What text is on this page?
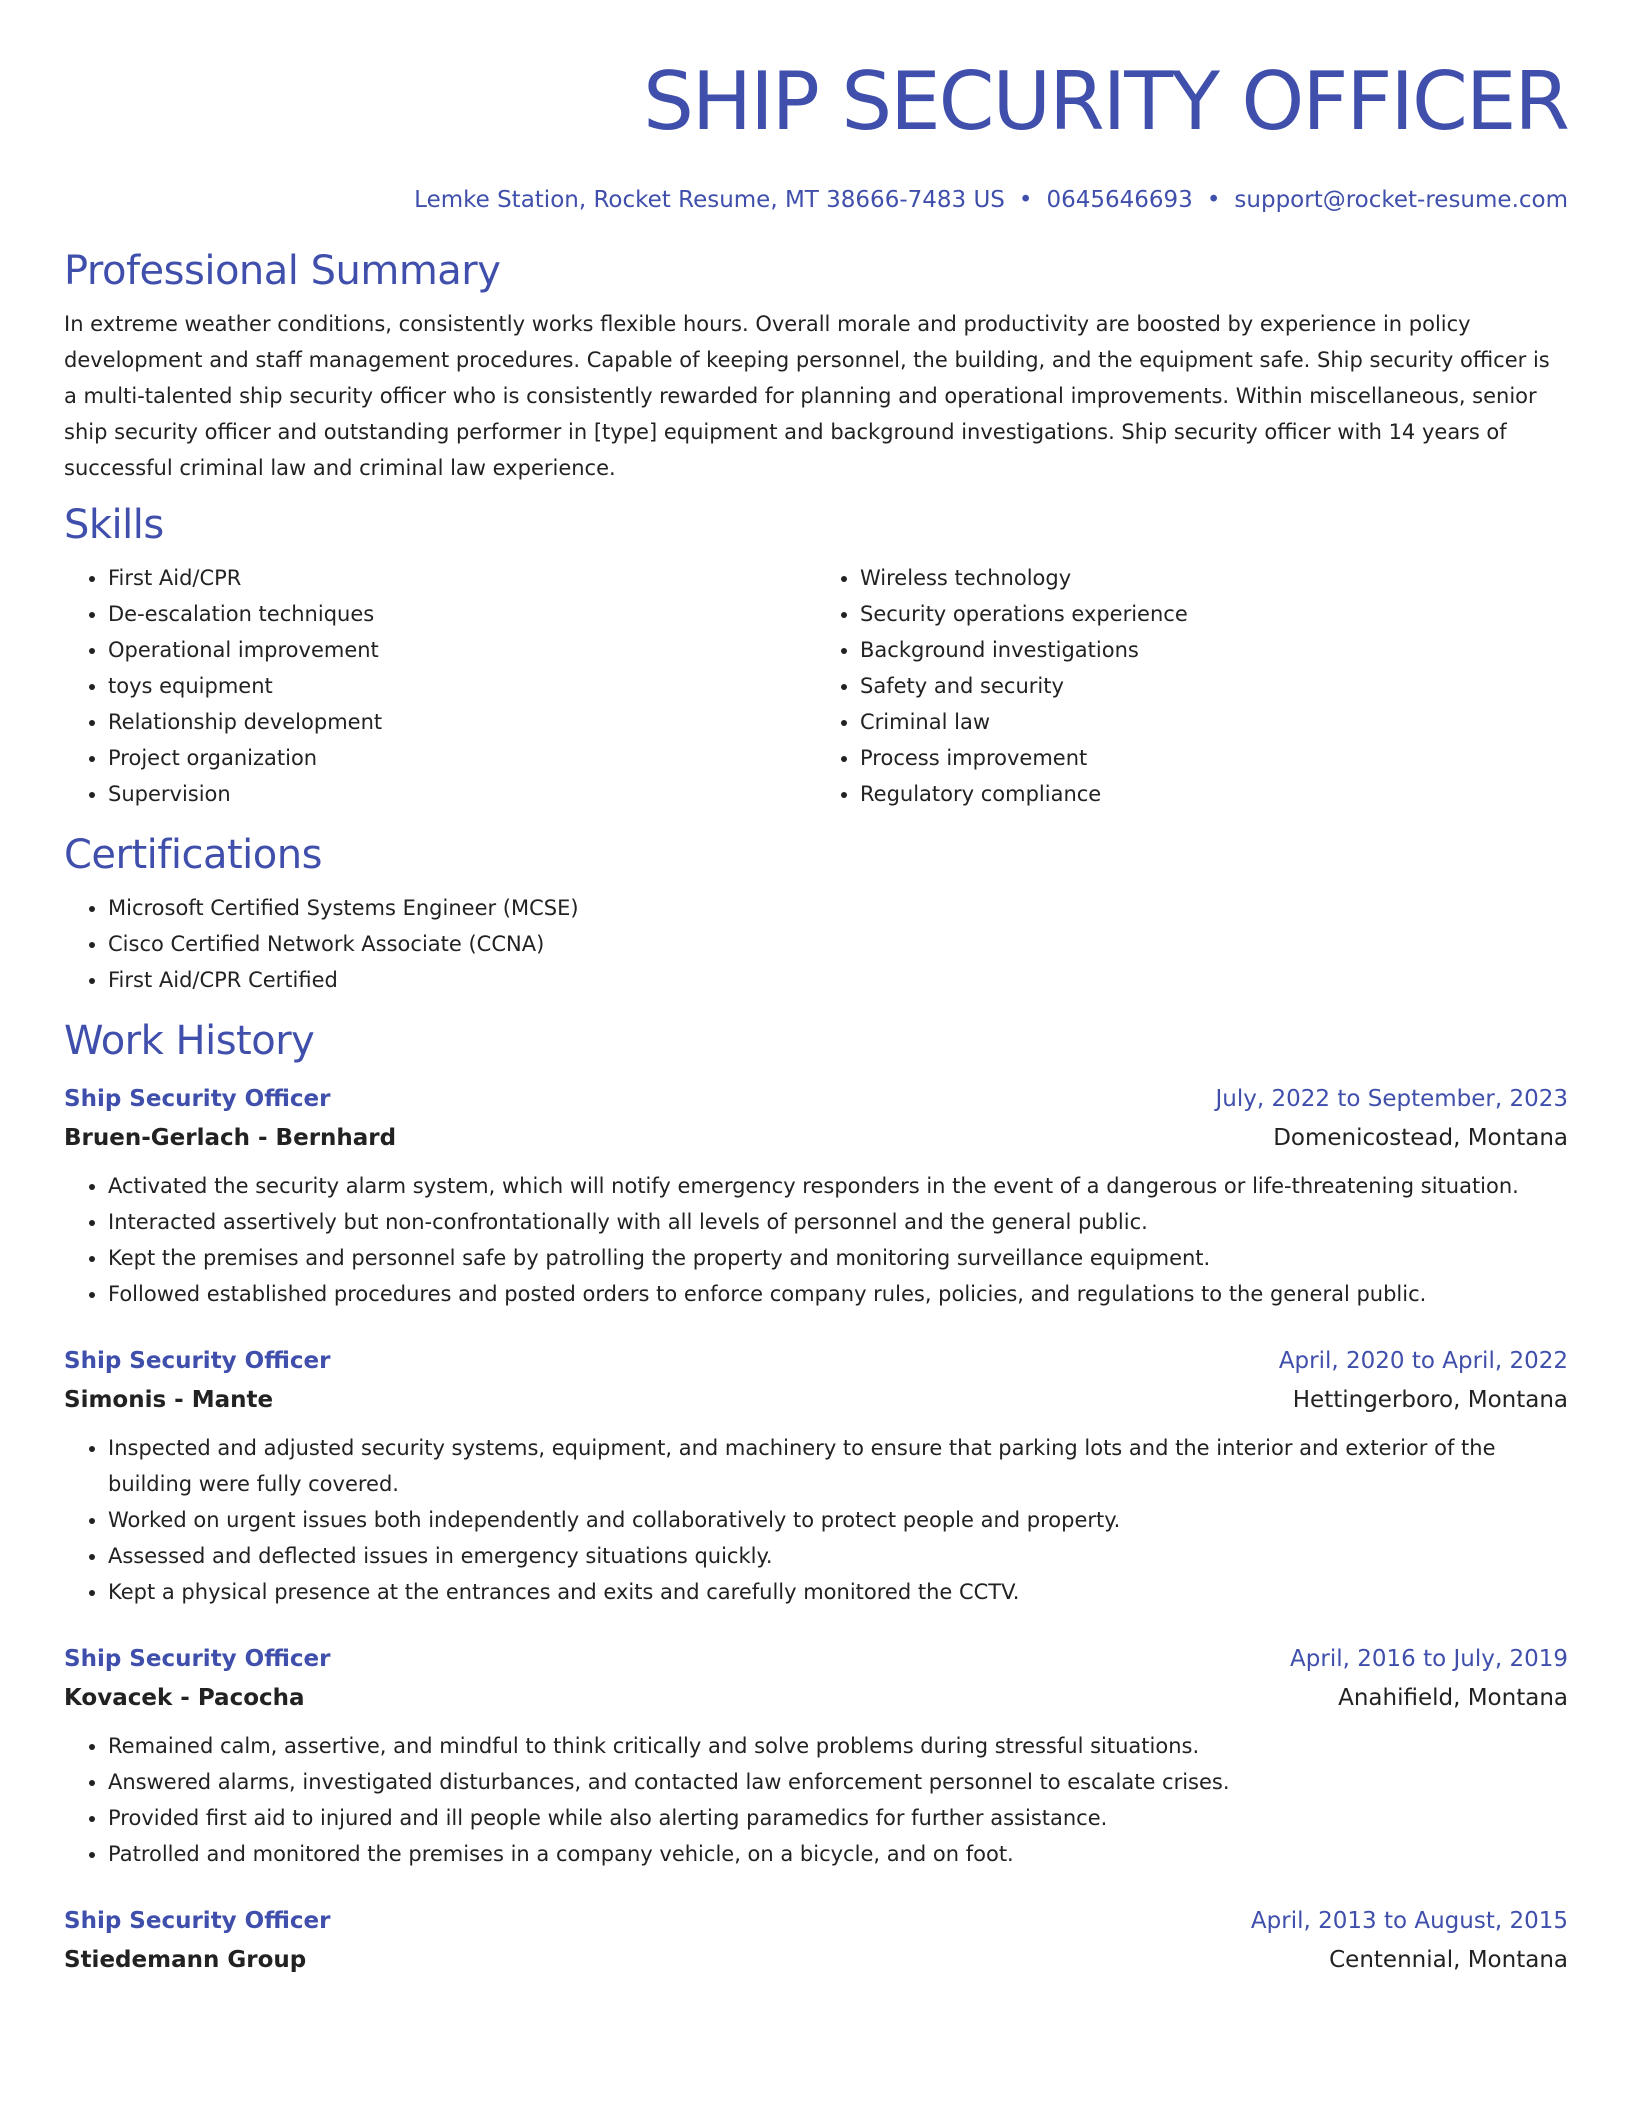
SHIP SECURITY OFFICER
Lemke Station, Rocket Resume, MT 38666-7483 US • 0645646693 • support@rocket-resume.com
Professional Summary

In extreme weather conditions, consistently works flexible hours. Overall morale and productivity are boosted by experience in policy development and staff management procedures. Capable of keeping personnel, the building, and the equipment safe. Ship security officer is a multi-talented ship security officer who is consistently rewarded for planning and operational improvements. Within miscellaneous, senior ship security officer and outstanding performer in [type] equipment and background investigations. Ship security officer with 14 years of successful criminal law and criminal law experience.

Skills
• First Aid/CPR
• De-escalation techniques
• Operational improvement
• toys equipment
• Relationship development
• Project organization
• Supervision
• Wireless technology
• Security operations experience
• Background investigations
• Safety and security
• Criminal law
• Process improvement
• Regulatory compliance
Certifications
• Microsoft Certified Systems Engineer (MCSE)
• Cisco Certified Network Associate (CCNA)
• First Aid/CPR Certified
Work History
Ship Security Officer	July, 2022 to September, 2023
Bruen-Gerlach - Bernhard	Domenicostead, Montana
• Activated the security alarm system, which will notify emergency responders in the event of a dangerous or life-threatening situation.
• Interacted assertively but non-confrontationally with all levels of personnel and the general public.
• Kept the premises and personnel safe by patrolling the property and monitoring surveillance equipment.
• Followed established procedures and posted orders to enforce company rules, policies, and regulations to the general public.
Ship Security Officer	April, 2020 to April, 2022
Simonis - Mante	Hettingerboro, Montana
• Inspected and adjusted security systems, equipment, and machinery to ensure that parking lots and the interior and exterior of the building were fully covered.
• Worked on urgent issues both independently and collaboratively to protect people and property.
• Assessed and deflected issues in emergency situations quickly.
• Kept a physical presence at the entrances and exits and carefully monitored the CCTV.
Ship Security Officer	April, 2016 to July, 2019
Kovacek - Pacocha	Anahifield, Montana
• Remained calm, assertive, and mindful to think critically and solve problems during stressful situations.
• Answered alarms, investigated disturbances, and contacted law enforcement personnel to escalate crises.
• Provided first aid to injured and ill people while also alerting paramedics for further assistance.
• Patrolled and monitored the premises in a company vehicle, on a bicycle, and on foot.
Ship Security Officer	April, 2013 to August, 2015
Stiedemann Group	Centennial, Montana
